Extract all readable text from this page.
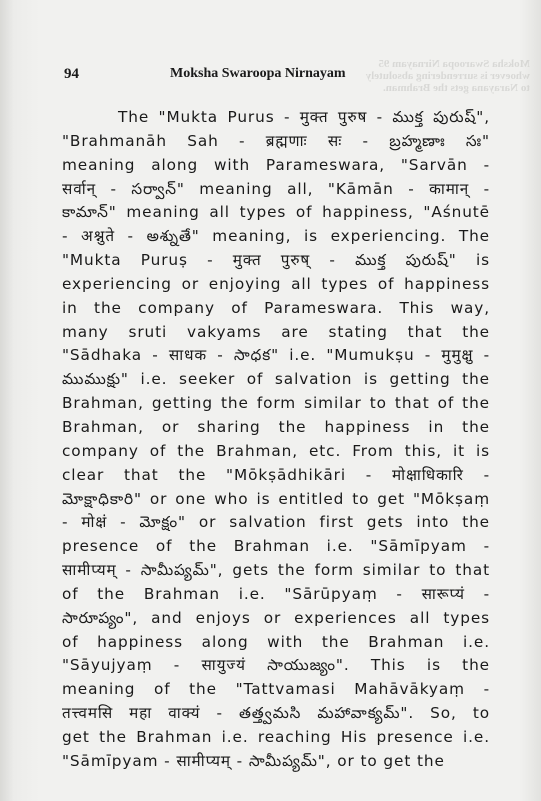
Moksha Swaroopa Nirnayam 95 whoever is surrendering absolutely to Narayana gets the Brahman.
94	Moksha Swaroopa Nirnayam
The "Mukta Purus - मुक्त पुरुष - ముక్త పురుష్",
"Brahmanāh Sah - ब्रह्मणाः सः - బ్రహ్మణాః సః"
meaning along with Parameswara, "Sarvān -
सर्वान् - సర్వాన్" meaning all, "Kāmān - कामान् -
కామాన్" meaning all types of happiness, "Aśnutē
- अश्नुते - అశ్నుతే" meaning, is experiencing. The
"Mukta Puruṣ - मुक्त पुरुष् - ముక్త పురుష్" is
experiencing or enjoying all types of happiness
in the company of Parameswara. This way,
many sruti vakyams are stating that the
"Sādhaka - साधक - సాధక" i.e. "Mumukṣu - मुमुक्षु -
ముముక్షు" i.e. seeker of salvation is getting the
Brahman, getting the form similar to that of the
Brahman, or sharing the happiness in the
company of the Brahman, etc. From this, it is
clear that the "Mōkṣādhikāri - मोक्षाधिकारि -
మోక్షాధికారి" or one who is entitled to get "Mōkṣaṃ
- मोक्षं - మోక్షం" or salvation first gets into the
presence of the Brahman i.e. "Sāmīpyam -
सामीप्यम् - సామీప్యమ్", gets the form similar to that
of the Brahman i.e. "Sārūpyaṃ - सारूप्यं -
సారూప్యం", and enjoys or experiences all types
of happiness along with the Brahman i.e.
"Sāyujyaṃ - सायुज्यं సాయుజ్యం". This is the
meaning of the "Tattvamasi Mahāvākyaṃ -
तत्त्वमसि महा वाक्यं - తత్త్వమసి మహావాక్యమ్". So, to
get the Brahman i.e. reaching His presence i.e.
"Sāmīpyam - सामीप्यम् - సామీప్యమ్", or to get the
